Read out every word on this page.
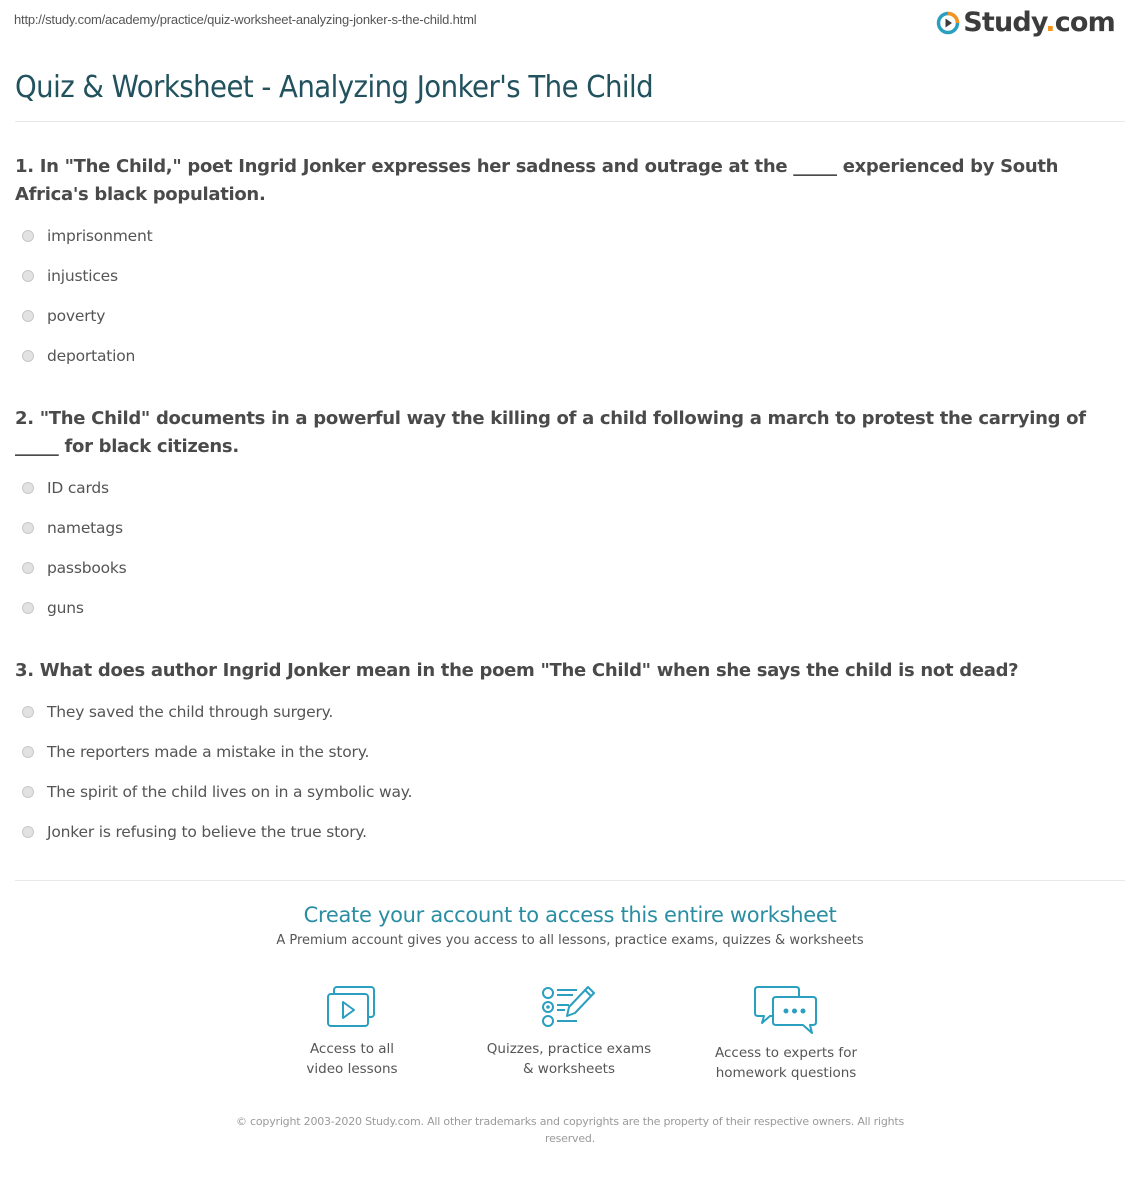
http://study.com/academy/practice/quiz-worksheet-analyzing-jonker-s-the-child.html	Study.com
Quiz & Worksheet - Analyzing Jonker's The Child
1. In "The Child," poet Ingrid Jonker expresses her sadness and outrage at the _____ experienced by South Africa's black population.
imprisonment
injustices
poverty
deportation
2. "The Child" documents in a powerful way the killing of a child following a march to protest the carrying of _____ for black citizens.
ID cards
nametags
passbooks
guns
3. What does author Ingrid Jonker mean in the poem "The Child" when she says the child is not dead?
They saved the child through surgery.
The reporters made a mistake in the story.
The spirit of the child lives on in a symbolic way.
Jonker is refusing to believe the true story.
Create your account to access this entire worksheet
A Premium account gives you access to all lessons, practice exams, quizzes & worksheets
Access to all
video lessons
Quizzes, practice exams
& worksheets
Access to experts for
homework questions
© copyright 2003-2020 Study.com. All other trademarks and copyrights are the property of their respective owners. All rights reserved.
